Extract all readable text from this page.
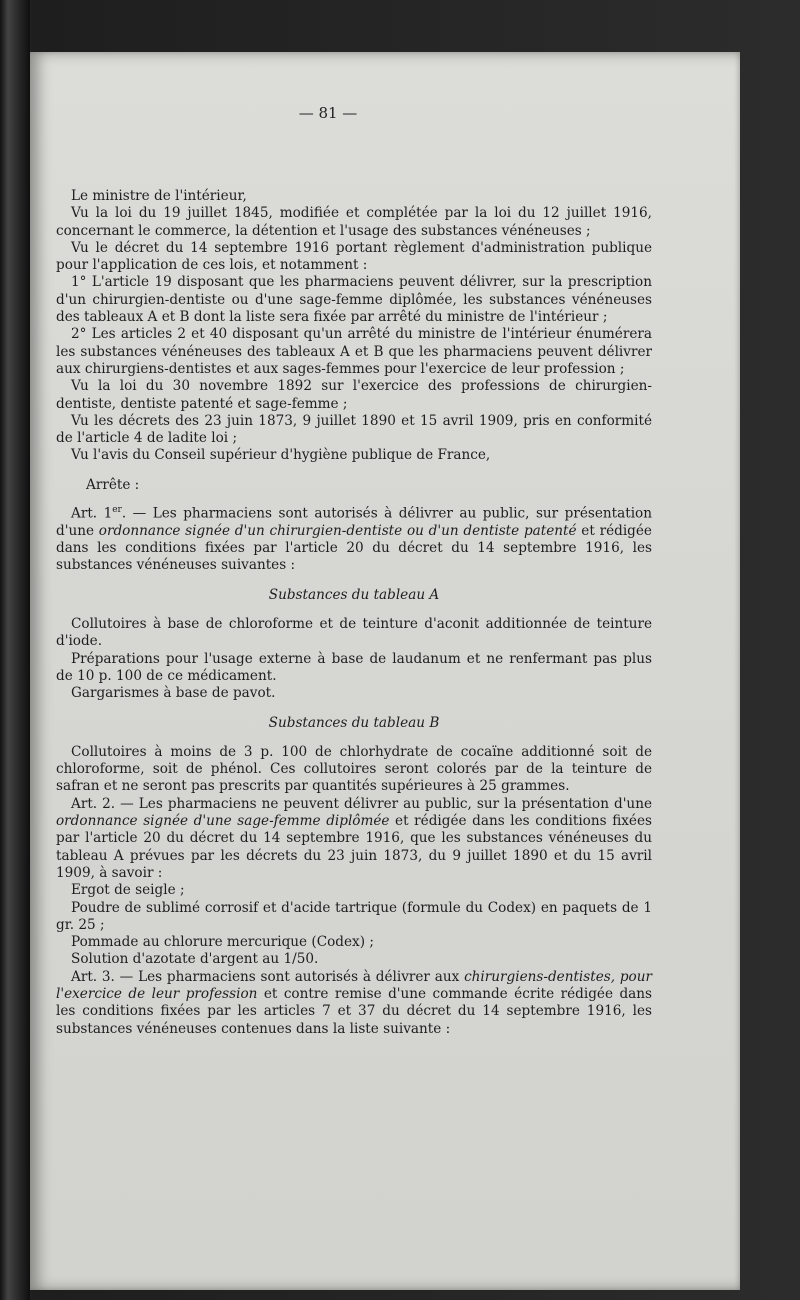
— 81 —

Le ministre de l'intérieur,

Vu la loi du 19 juillet 1845, modifiée et complétée par la loi du 12 juillet 1916, concernant le commerce, la détention et l'usage des substances vénéneuses ;

Vu le décret du 14 septembre 1916 portant règlement d'administration publique pour l'application de ces lois, et notamment :

1° L'article 19 disposant que les pharmaciens peuvent délivrer, sur la prescription d'un chirurgien-dentiste ou d'une sage-femme diplômée, les substances vénéneuses des tableaux A et B dont la liste sera fixée par arrêté du ministre de l'intérieur ;

2° Les articles 2 et 40 disposant qu'un arrêté du ministre de l'intérieur énumérera les substances vénéneuses des tableaux A et B que les pharmaciens peuvent délivrer aux chirurgiens-dentistes et aux sages-femmes pour l'exercice de leur profession ;

Vu la loi du 30 novembre 1892 sur l'exercice des professions de chirurgien-dentiste, dentiste patenté et sage-femme ;

Vu les décrets des 23 juin 1873, 9 juillet 1890 et 15 avril 1909, pris en conformité de l'article 4 de ladite loi ;

Vu l'avis du Conseil supérieur d'hygiène publique de France,

Arrête :

Art. 1er. — Les pharmaciens sont autorisés à délivrer au public, sur présentation d'une ordonnance signée d'un chirurgien-dentiste ou d'un dentiste patenté et rédigée dans les conditions fixées par l'article 20 du décret du 14 septembre 1916, les substances vénéneuses suivantes :

Substances du tableau A

Collutoires à base de chloroforme et de teinture d'aconit additionnée de teinture d'iode.

Préparations pour l'usage externe à base de laudanum et ne renfermant pas plus de 10 p. 100 de ce médicament.

Gargarismes à base de pavot.

Substances du tableau B

Collutoires à moins de 3 p. 100 de chlorhydrate de cocaïne additionné soit de chloroforme, soit de phénol. Ces collutoires seront colorés par de la teinture de safran et ne seront pas prescrits par quantités supérieures à 25 grammes.

Art. 2. — Les pharmaciens ne peuvent délivrer au public, sur la présentation d'une ordonnance signée d'une sage-femme diplômée et rédigée dans les conditions fixées par l'article 20 du décret du 14 septembre 1916, que les substances vénéneuses du tableau A prévues par les décrets du 23 juin 1873, du 9 juillet 1890 et du 15 avril 1909, à savoir :

Ergot de seigle ;

Poudre de sublimé corrosif et d'acide tartrique (formule du Codex) en paquets de 1 gr. 25 ;

Pommade au chlorure mercurique (Codex) ;

Solution d'azotate d'argent au 1/50.

Art. 3. — Les pharmaciens sont autorisés à délivrer aux chirurgiens-dentistes, pour l'exercice de leur profession et contre remise d'une commande écrite rédigée dans les conditions fixées par les articles 7 et 37 du décret du 14 septembre 1916, les substances vénéneuses contenues dans la liste suivante :
